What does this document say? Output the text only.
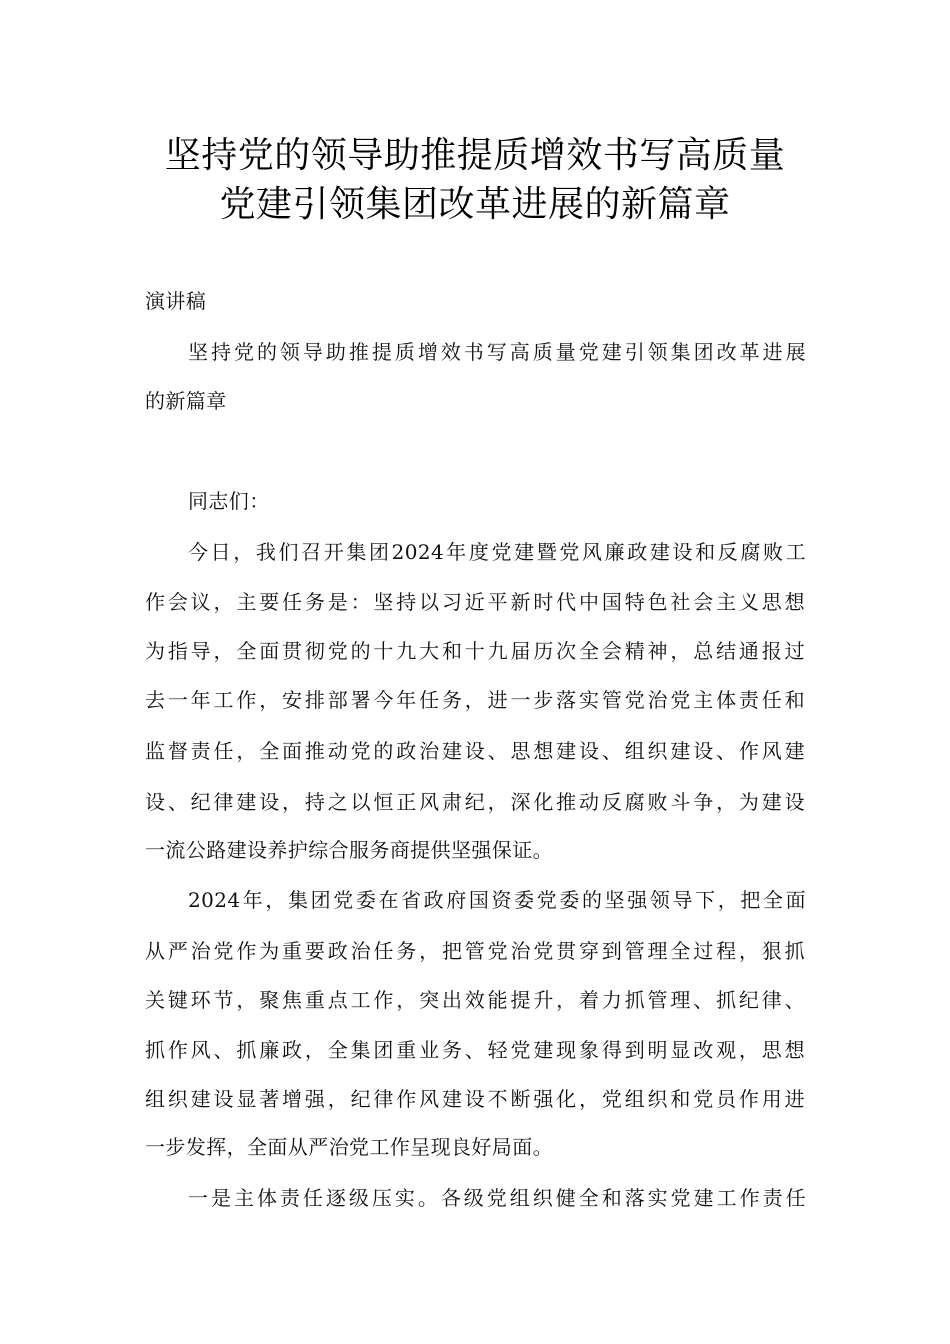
坚持党的领导助推提质增效书写高质量
党建引领集团改革进展的新篇章
演讲稿
坚持党的领导助推提质增效书写高质量党建引领集团改革进展
的新篇章
同志们：
今日，我们召开集团2024年度党建暨党风廉政建设和反腐败工
作会议，主要任务是：坚持以习近平新时代中国特色社会主义思想
为指导，全面贯彻党的十九大和十九届历次全会精神，总结通报过
去一年工作，安排部署今年任务，进一步落实管党治党主体责任和
监督责任，全面推动党的政治建设、思想建设、组织建设、作风建
设、纪律建设，持之以恒正风肃纪，深化推动反腐败斗争，为建设
一流公路建设养护综合服务商提供坚强保证。
2024年，集团党委在省政府国资委党委的坚强领导下，把全面
从严治党作为重要政治任务，把管党治党贯穿到管理全过程，狠抓
关键环节，聚焦重点工作，突出效能提升，着力抓管理、抓纪律、
抓作风、抓廉政，全集团重业务、轻党建现象得到明显改观，思想
组织建设显著增强，纪律作风建设不断强化，党组织和党员作用进
一步发挥，全面从严治党工作呈现良好局面。
一是主体责任逐级压实。各级党组织健全和落实党建工作责任
